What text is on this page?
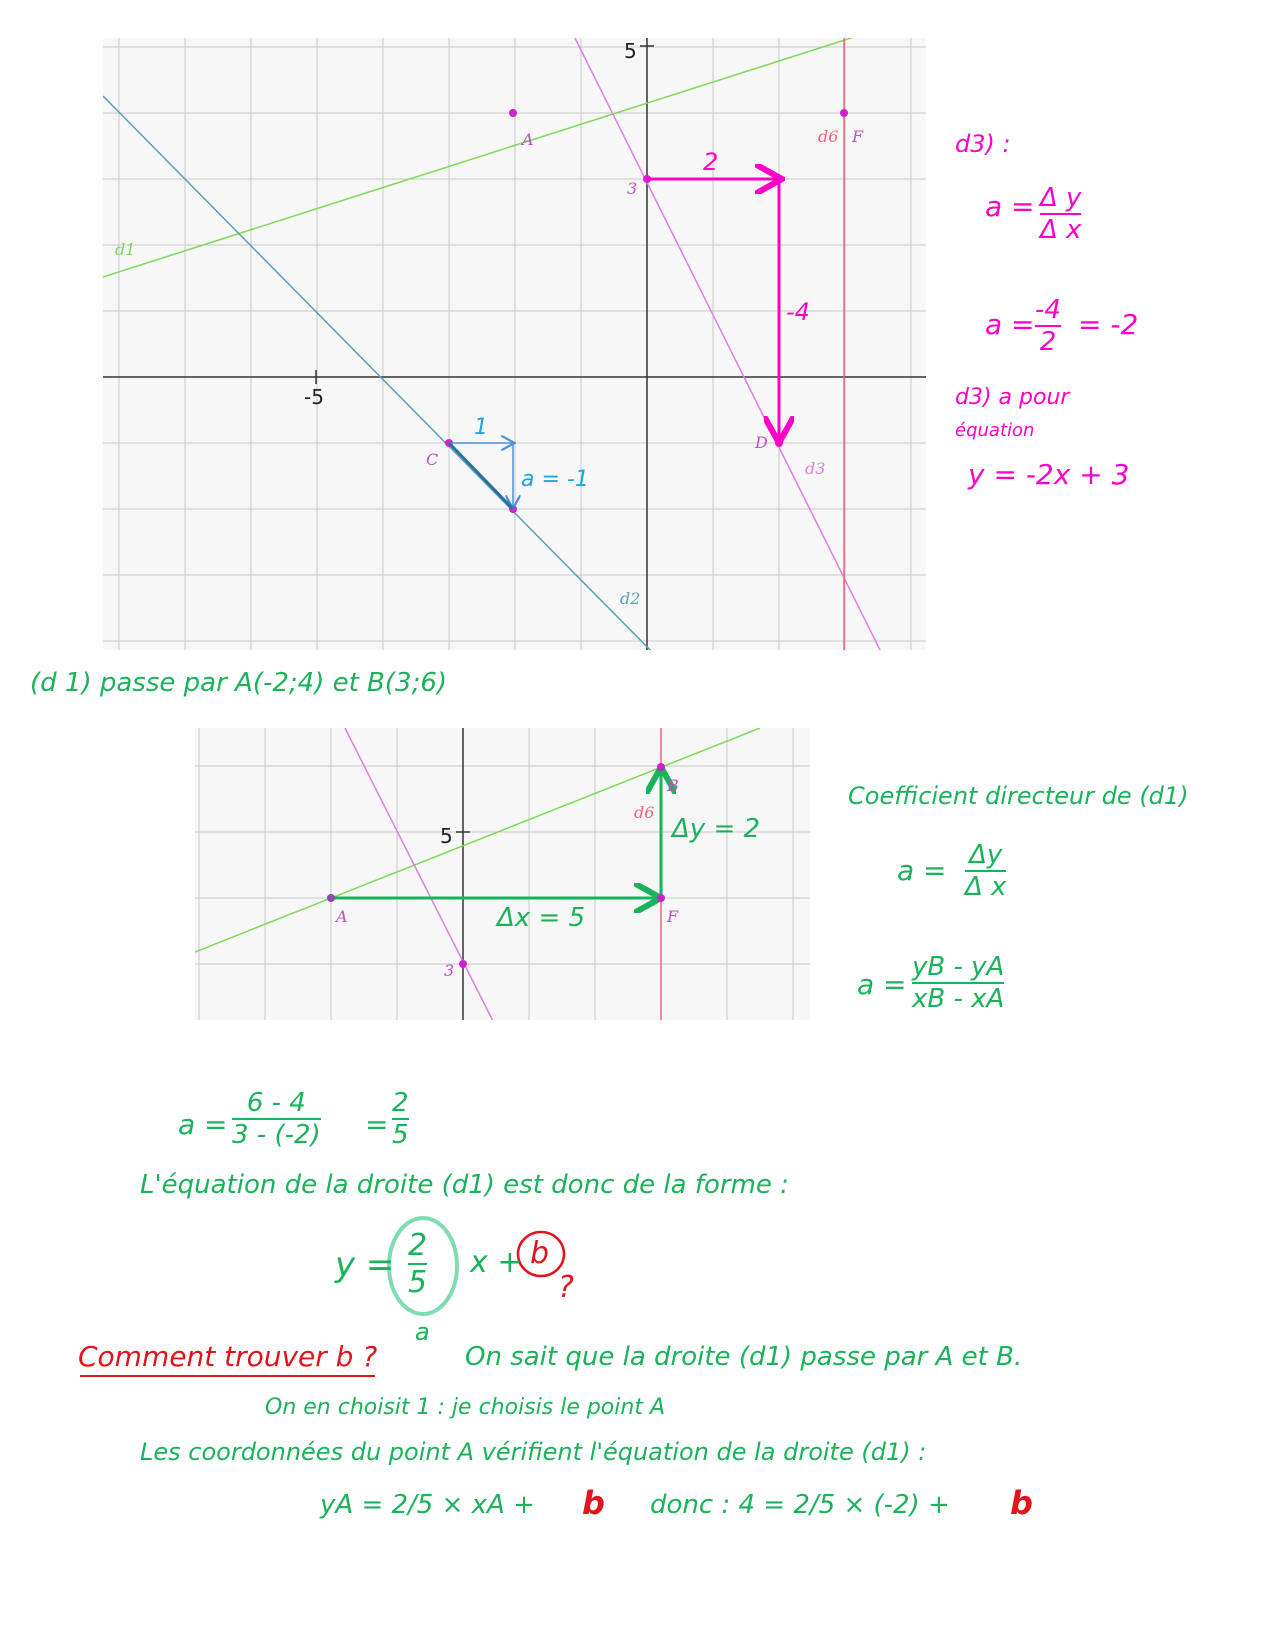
5
-5
A	F
d6
3
d1
C
D
d3
d2
2
-4
1
a = -1
5
B
d6
A	F
3
Δy = 2
Δx = 5
d3) :
a = Δ y
Δ x
a = -4
2
= -2
d3) a pour
équation
y = -2x + 3
(d 1) passe par A(-2;4) et B(3;6)
Coefficient directeur de (d1)
a = Δy
Δ x
a =
yB - yA
xB - xA
a =
6 - 4
3 - (-2) =
2
5
L'équation de la droite (d1) est donc de la forme :
y = 2
5
x + b
?
a
Comment trouver b ?	On sait que la droite (d1) passe par A et B.
On en choisit 1 : je choisis le point A
Les coordonnées du point A vérifient l'équation de la droite (d1) :
yA = 2/5 × xA + b donc : 4 = 2/5 × (-2) + b
